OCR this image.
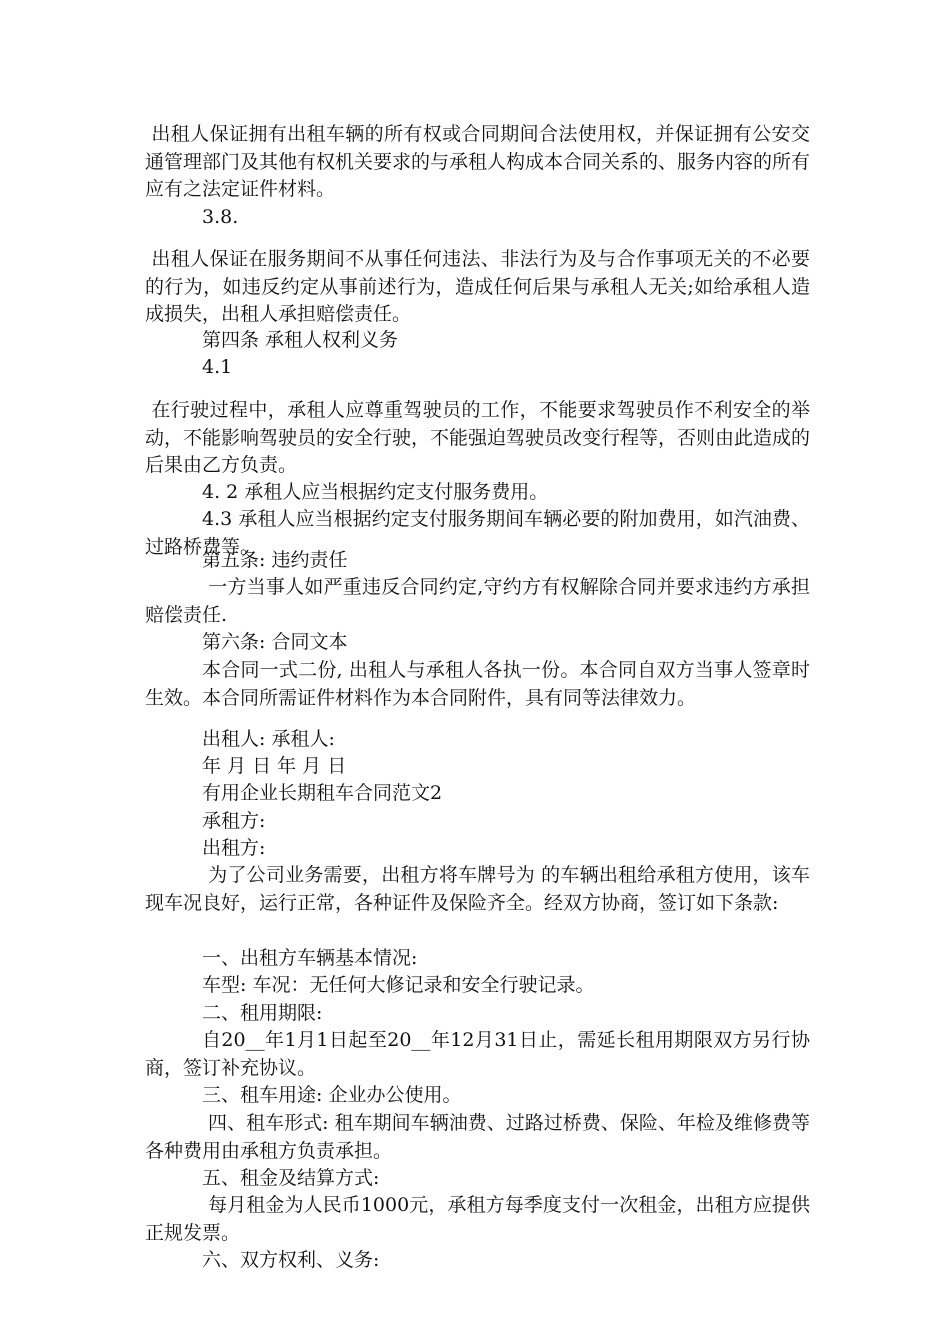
出租人保证拥有出租车辆的所有权或合同期间合法使用权，并保证拥有公安交通管理部门及其他有权机关要求的与承租人构成本合同关系的、服务内容的所有应有之法定证件材料。

3.8.

出租人保证在服务期间不从事任何违法、非法行为及与合作事项无关的不必要的行为，如违反约定从事前述行为，造成任何后果与承租人无关;如给承租人造成损失，出租人承担赔偿责任。

第四条 承租人权利义务

4.1

在行驶过程中，承租人应尊重驾驶员的工作，不能要求驾驶员作不利安全的举动，不能影响驾驶员的安全行驶，不能强迫驾驶员改变行程等，否则由此造成的后果由乙方负责。

4. 2 承租人应当根据约定支付服务费用。

4.3 承租人应当根据约定支付服务期间车辆必要的附加费用，如汽油费、过路桥费等。

第五条: 违约责任

一方当事人如严重违反合同约定,守约方有权解除合同并要求违约方承担赔偿责任.

第六条: 合同文本

本合同一式二份, 出租人与承租人各执一份。本合同自双方当事人签章时生效。本合同所需证件材料作为本合同附件，具有同等法律效力。

出租人: 承租人:

年 月 日 年 月 日

有用企业长期租车合同范文2

承租方:

出租方:

为了公司业务需要，出租方将车牌号为 的车辆出租给承租方使用，该车现车况良好，运行正常，各种证件及保险齐全。经双方协商，签订如下条款:

一、出租方车辆基本情况:

车型: 车况：无任何大修记录和安全行驶记录。

二、租用期限:

自20__年1月1日起至20__年12月31日止，需延长租用期限双方另行协商，签订补充协议。

三、租车用途: 企业办公使用。

四、租车形式: 租车期间车辆油费、过路过桥费、保险、年检及维修费等各种费用由承租方负责承担。

五、租金及结算方式:

每月租金为人民币1000元，承租方每季度支付一次租金，出租方应提供正规发票。

六、双方权利、义务:
